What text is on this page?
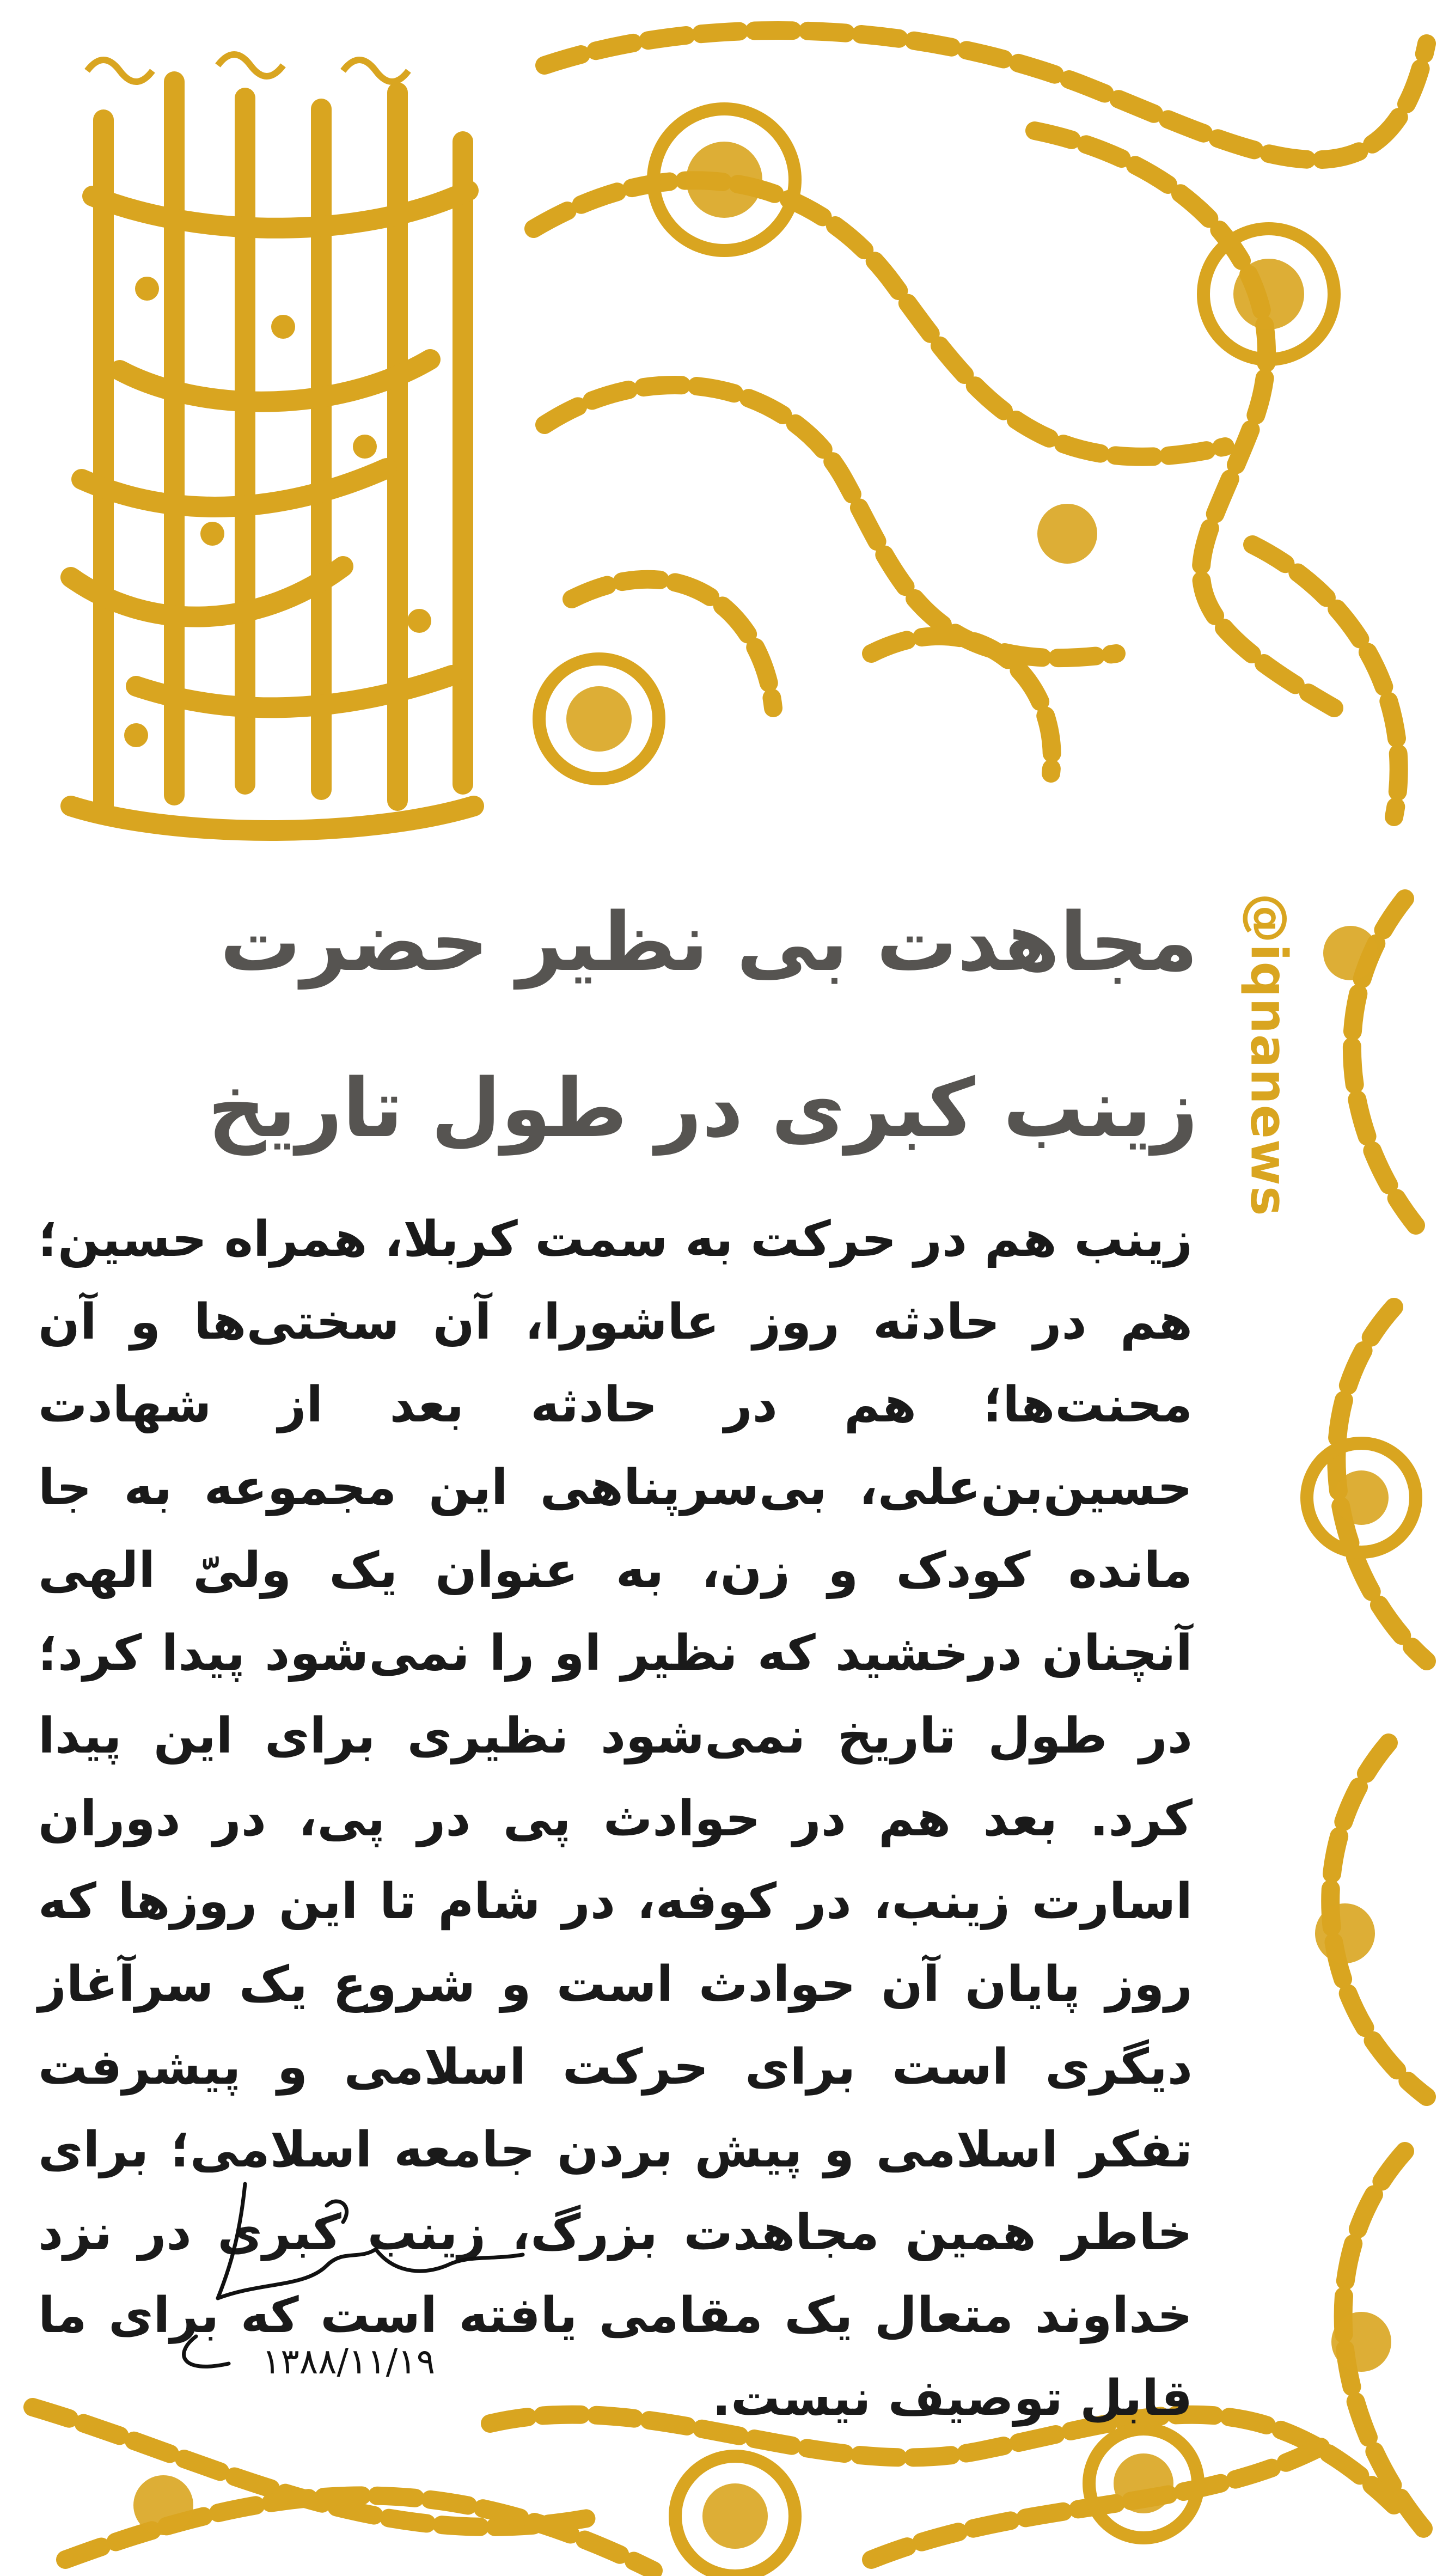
@iqnanews
مجاهدت بی نظیر حضرت
زینب کبری در طول تاریخ
زینب هم در حرکت به سمت کربلا، همراه حسین؛ هم در حادثه روز عاشورا، آن سختی‌ها و آن محنت‌ها؛ هم در حادثه بعد از شهادت حسین‌بن‌علی، بی‌سرپناهی این مجموعه به جا مانده کودک و زن، به عنوان یک ولیّ الهی آنچنان درخشید که نظیر او را نمی‌شود پیدا کرد؛ در طول تاریخ نمی‌شود نظیری برای این پیدا کرد. بعد هم در حوادث پی در پی، در دوران اسارت زینب، در کوفه، در شام تا این روزها که روز پایان آن حوادث است و شروع یک سرآغاز دیگری است برای حرکت اسلامی و پیشرفت تفکر اسلامی و پیش بردن جامعه اسلامی؛ برای خاطر همین مجاهدت بزرگ، زینب کبری در نزد خداوند متعال یک مقامی یافته است که برای ما قابل توصیف نیست.
۱۳۸۸/۱۱/۱۹
